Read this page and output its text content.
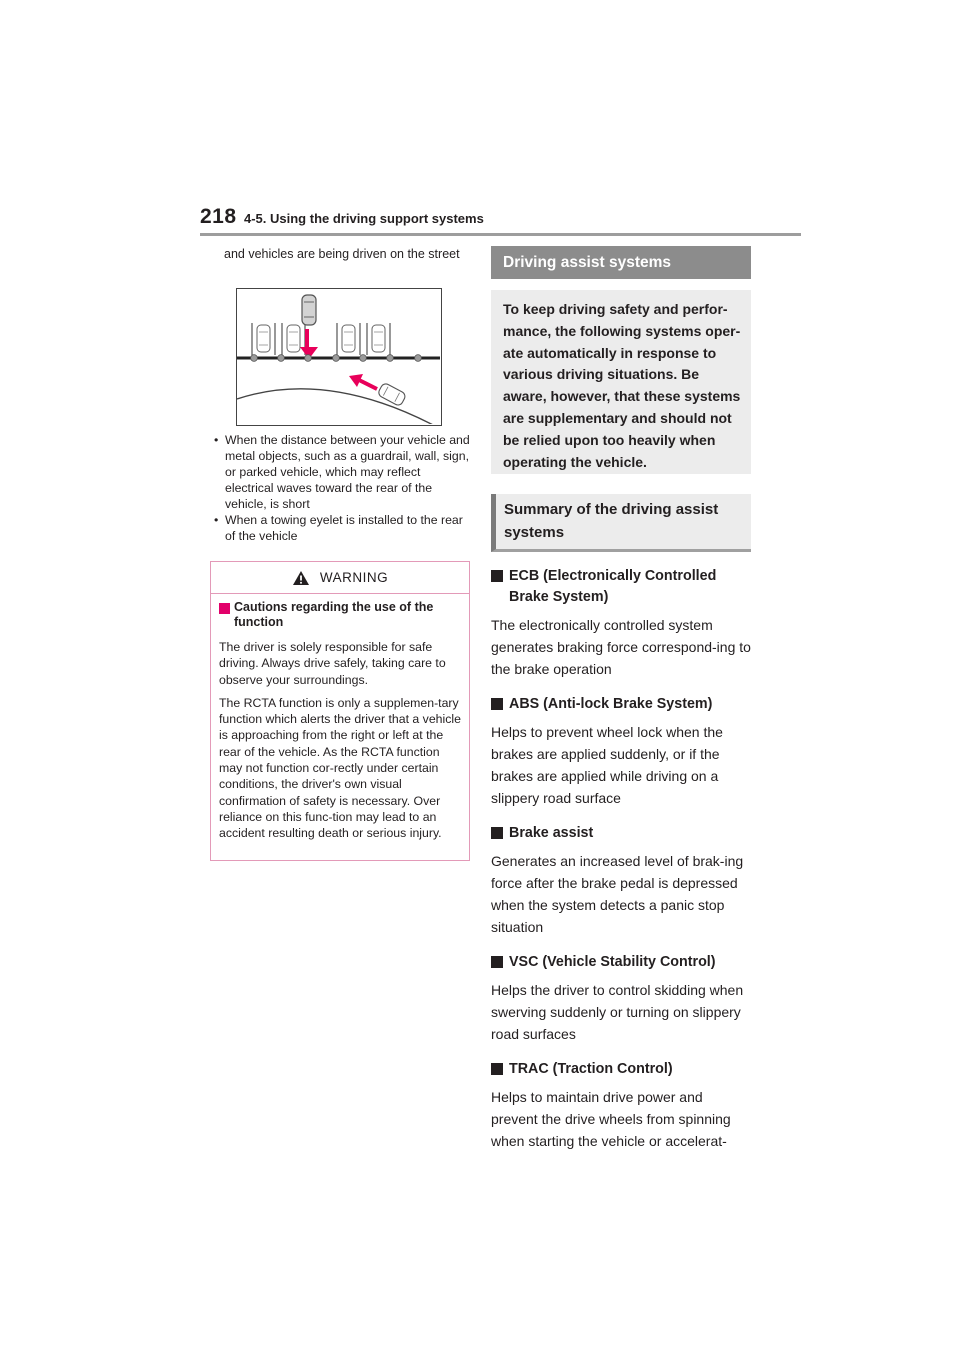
218 4-5. Using the driving support systems

and vehicles are being driven on the street

• When the distance between your vehicle and metal objects, such as a guardrail, wall, sign, or parked vehicle, which may reflect electrical waves toward the rear of the vehicle, is short
• When a towing eyelet is installed to the rear of the vehicle
WARNING
Cautions regarding the use of the function

The driver is solely responsible for safe driving. Always drive safely, taking care to observe your surroundings.

The RCTA function is only a supplemen-tary function which alerts the driver that a vehicle is approaching from the right or left at the rear of the vehicle. As the RCTA function may not function cor-rectly under certain conditions, the driver's own visual confirmation of safety is necessary. Over reliance on this func-tion may lead to an accident resulting death or serious injury.

Driving assist systems
To keep driving safety and perfor-mance, the following systems oper-ate automatically in response to various driving situations. Be aware, however, that these systems are supplementary and should not be relied upon too heavily when operating the vehicle.
Summary of the driving assist systems
ECB (Electronically Controlled Brake System)
The electronically controlled system generates braking force correspond-ing to the brake operation
ABS (Anti-lock Brake System)
Helps to prevent wheel lock when the brakes are applied suddenly, or if the brakes are applied while driving on a slippery road surface
Brake assist
Generates an increased level of brak-ing force after the brake pedal is depressed when the system detects a panic stop situation
VSC (Vehicle Stability Control)
Helps the driver to control skidding when swerving suddenly or turning on slippery road surfaces
TRAC (Traction Control)
Helps to maintain drive power and prevent the drive wheels from spinning when starting the vehicle or accelerat-
